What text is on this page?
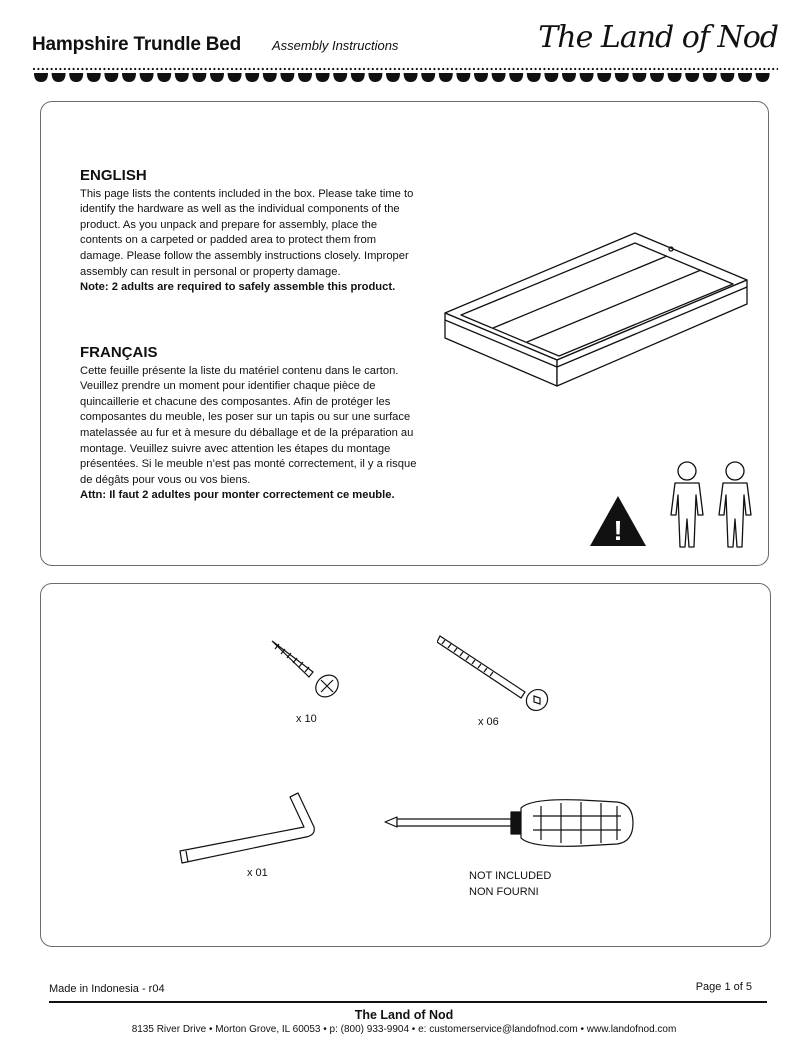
Hampshire Trundle Bed Assembly Instructions	The Land of Nod
ENGLISH

This page lists the contents included in the box. Please take time to identify the hardware as well as the individual components of the product. As you unpack and prepare for assembly, place the contents on a carpeted or padded area to protect them from damage. Please follow the assembly instructions closely. Improper assembly can result in personal or property damage.

Note: 2 adults are required to safely assemble this product.

FRANÇAIS

Cette feuille présente la liste du matériel contenu dans le carton. Veuillez prendre un moment pour identifier chaque pièce de quincaillerie et chacune des composantes. Afin de protéger les composantes du meuble, les poser sur un tapis ou sur une surface matelassée au fur et à mesure du déballage et de la préparation au montage. Veuillez suivre avec attention les étapes du montage présentées. Si le meuble n’est pas monté correctement, il y a risque de dégâts pour vous ou vos biens.

Attn: Il faut 2 adultes pour monter correctement ce meuble.

!
x 10	x 06
x 01	NOT INCLUDED
NON FOURNI
Made in Indonesia - r04	Page 1 of 5
The Land of Nod
8135 River Drive • Morton Grove, IL 60053 • p: (800) 933-9904 • e: customerservice@landofnod.com • www.landofnod.com
